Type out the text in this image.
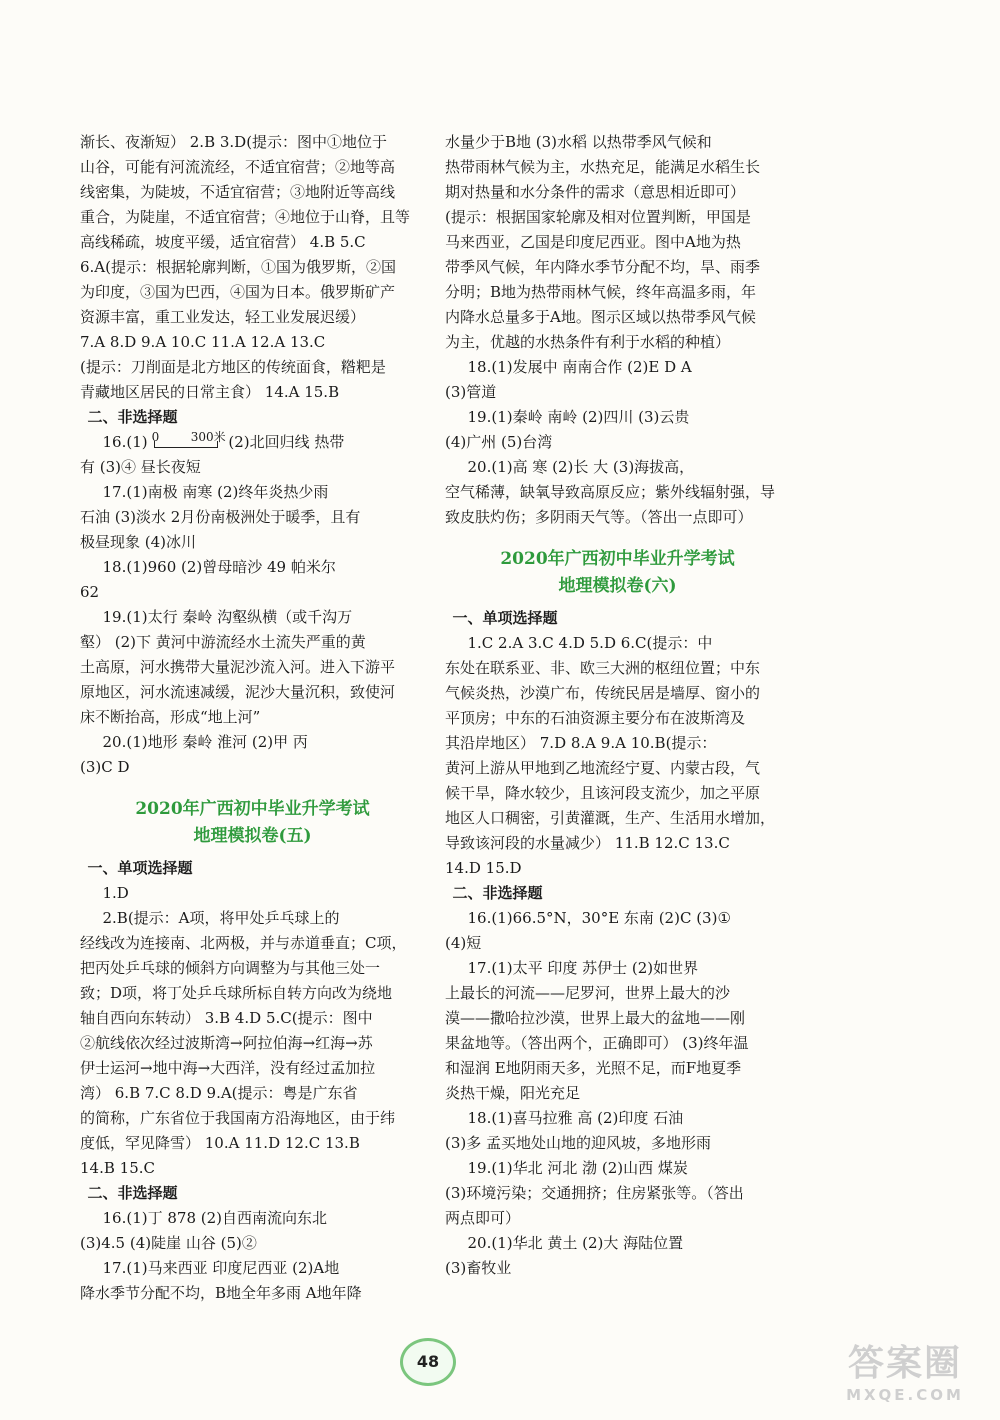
渐长、夜渐短） 2.B 3.D(提示：图中①地位于
山谷，可能有河流流经，不适宜宿营；②地等高
线密集，为陡坡，不适宜宿营；③地附近等高线
重合，为陡崖，不适宜宿营；④地位于山脊，且等
高线稀疏，坡度平缓，适宜宿营） 4.B 5.C
6.A(提示：根据轮廓判断，①国为俄罗斯，②国
为印度，③国为巴西，④国为日本。俄罗斯矿产
资源丰富，重工业发达，轻工业发展迟缓）
7.A 8.D 9.A 10.C 11.A 12.A 13.C
(提示：刀削面是北方地区的传统面食，糌粑是
青藏地区居民的日常主食） 14.A 15.B
二、非选择题
16.(1) 0	300米 (2)北回归线 热带
有 (3)④ 昼长夜短
17.(1)南极 南寒 (2)终年炎热少雨
石油 (3)淡水 2月份南极洲处于暖季，且有
极昼现象 (4)冰川
18.(1)960 (2)曾母暗沙 49 帕米尔
62
19.(1)太行 秦岭 沟壑纵横（或千沟万
壑） (2)下 黄河中游流经水土流失严重的黄
土高原，河水携带大量泥沙流入河。进入下游平
原地区，河水流速减缓，泥沙大量沉积，致使河
床不断抬高，形成“地上河”
20.(1)地形 秦岭 淮河 (2)甲 丙
(3)C D
2020年广西初中毕业升学考试
地理模拟卷(五)
一、单项选择题
1.D
2.B(提示：A项，将甲处乒乓球上的
经线改为连接南、北两极，并与赤道垂直；C项，
把丙处乒乓球的倾斜方向调整为与其他三处一
致；D项，将丁处乒乓球所标自转方向改为绕地
轴自西向东转动） 3.B 4.D 5.C(提示：图中
②航线依次经过波斯湾→阿拉伯海→红海→苏
伊士运河→地中海→大西洋，没有经过孟加拉
湾） 6.B 7.C 8.D 9.A(提示：粤是广东省
的简称，广东省位于我国南方沿海地区，由于纬
度低，罕见降雪） 10.A 11.D 12.C 13.B
14.B 15.C
二、非选择题
16.(1)丁 878 (2)自西南流向东北
(3)4.5 (4)陡崖 山谷 (5)②
17.(1)马来西亚 印度尼西亚 (2)A地
降水季节分配不均，B地全年多雨 A地年降
水量少于B地 (3)水稻 以热带季风气候和
热带雨林气候为主，水热充足，能满足水稻生长
期对热量和水分条件的需求（意思相近即可）
(提示：根据国家轮廓及相对位置判断，甲国是
马来西亚，乙国是印度尼西亚。图中A地为热
带季风气候，年内降水季节分配不均，旱、雨季
分明；B地为热带雨林气候，终年高温多雨，年
内降水总量多于A地。图示区域以热带季风气候
为主，优越的水热条件有利于水稻的种植）
18.(1)发展中 南南合作 (2)E D A
(3)管道
19.(1)秦岭 南岭 (2)四川 (3)云贵
(4)广州 (5)台湾
20.(1)高 寒 (2)长 大 (3)海拔高，
空气稀薄，缺氧导致高原反应；紫外线辐射强，导
致皮肤灼伤；多阴雨天气等。（答出一点即可）
2020年广西初中毕业升学考试
地理模拟卷(六)
一、单项选择题
1.C 2.A 3.C 4.D 5.D 6.C(提示：中
东处在联系亚、非、欧三大洲的枢纽位置；中东
气候炎热，沙漠广布，传统民居是墙厚、窗小的
平顶房；中东的石油资源主要分布在波斯湾及
其沿岸地区） 7.D 8.A 9.A 10.B(提示：
黄河上游从甲地到乙地流经宁夏、内蒙古段，气
候干旱，降水较少，且该河段支流少，加之平原
地区人口稠密，引黄灌溉，生产、生活用水增加，
导致该河段的水量减少） 11.B 12.C 13.C
14.D 15.D
二、非选择题
16.(1)66.5°N，30°E 东南 (2)C (3)①
(4)短
17.(1)太平 印度 苏伊士 (2)如世界
上最长的河流——尼罗河，世界上最大的沙
漠——撒哈拉沙漠，世界上最大的盆地——刚
果盆地等。（答出两个，正确即可） (3)终年温
和湿润 E地阴雨天多，光照不足，而F地夏季
炎热干燥，阳光充足
18.(1)喜马拉雅 高 (2)印度 石油
(3)多 孟买地处山地的迎风坡，多地形雨
19.(1)华北 河北 渤 (2)山西 煤炭
(3)环境污染；交通拥挤；住房紧张等。（答出
两点即可）
20.(1)华北 黄土 (2)大 海陆位置
(3)畜牧业
48	答案圈
MXQE.COM
